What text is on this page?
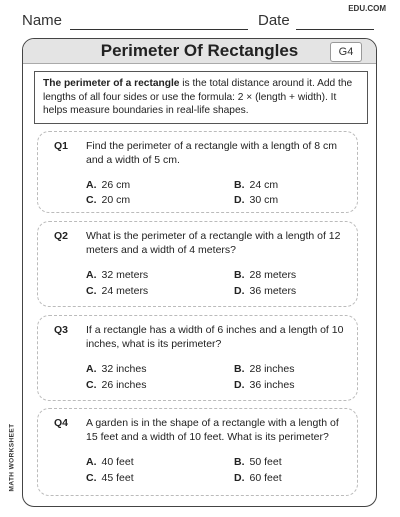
Name	Date
EDU.COM
MATH WORKSHEET
Perimeter Of Rectangles	G4
The perimeter of a rectangle is the total distance around it. Add the lengths of all four sides or use the formula: 2 × (length + width). It helps measure boundaries in real-life shapes.
Q1 Find the perimeter of a rectangle with a length of 8 cm and a width of 5 cm.
A. 26 cm	B. 24 cm
C. 20 cm	D. 30 cm
Q2 What is the perimeter of a rectangle with a length of 12 meters and a width of 4 meters?
A. 32 meters	B. 28 meters
C. 24 meters	D. 36 meters
Q3 If a rectangle has a width of 6 inches and a length of 10 inches, what is its perimeter?
A. 32 inches	B. 28 inches
C. 26 inches	D. 36 inches
Q4 A garden is in the shape of a rectangle with a length of 15 feet and a width of 10 feet. What is its perimeter?
A. 40 feet	B. 50 feet
C. 45 feet	D. 60 feet
